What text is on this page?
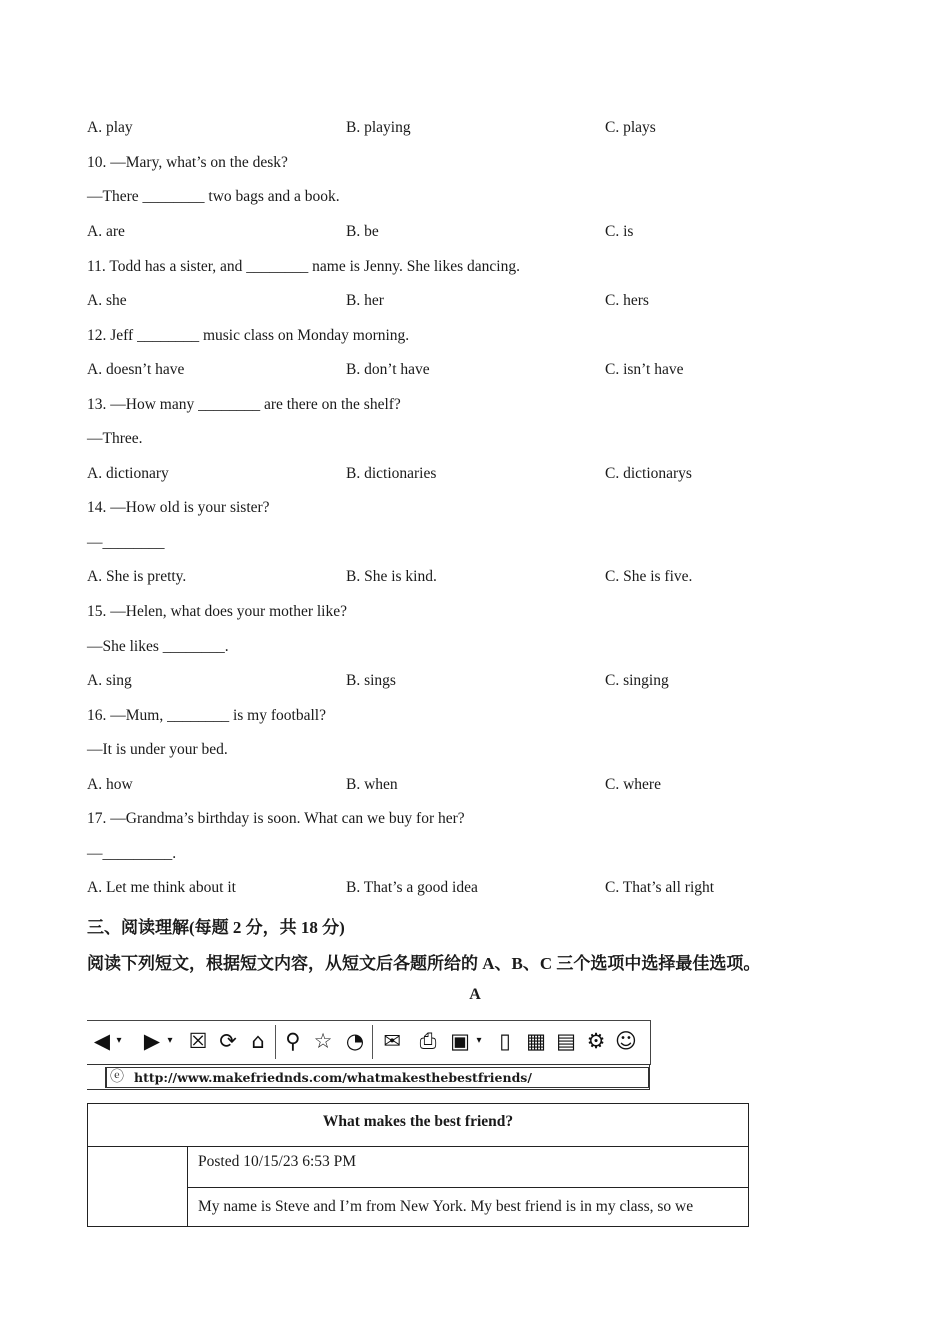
A. play	B. playing	C. plays
10. —Mary, what’s on the desk?
—There ________ two bags and a book.
A. are	B. be	C. is
11. Todd has a sister, and ________ name is Jenny. She likes dancing.
A. she	B. her	C. hers
12. Jeff ________ music class on Monday morning.
A. doesn’t have	B. don’t have	C. isn’t have
13. —How many ________ are there on the shelf?
—Three.
A. dictionary	B. dictionaries	C. dictionarys
14. —How old is your sister?
—________
A. She is pretty.	B. She is kind.	C. She is five.
15. —Helen, what does your mother like?
—She likes ________.
A. sing	B. sings	C. singing
16. —Mum, ________ is my football?
—It is under your bed.
A. how	B. when	C. where
17. —Grandma’s birthday is soon. What can we buy for her?
—_________.
A. Let me think about it	B. That’s a good idea	C. That’s all right
三、阅读理解(每题 2 分，共 18 分)
阅读下列短文，根据短文内容，从短文后各题所给的 A、B、C 三个选项中选择最佳选项。
A
◀ ▾ ▶ ▾ ☒ ⟳ ⌂ ⚲ ☆ ◔ ✉ ⎙ ▣ ▾ ▯ ▦ ▤ ⚙ ☺
ⓔ http://www.makefriednds.com/whatmakesthebestfriends/
What makes the best friend?
Posted 10/15/23 6:53 PM
My name is Steve and I’m from New York. My best friend is in my class, so we
